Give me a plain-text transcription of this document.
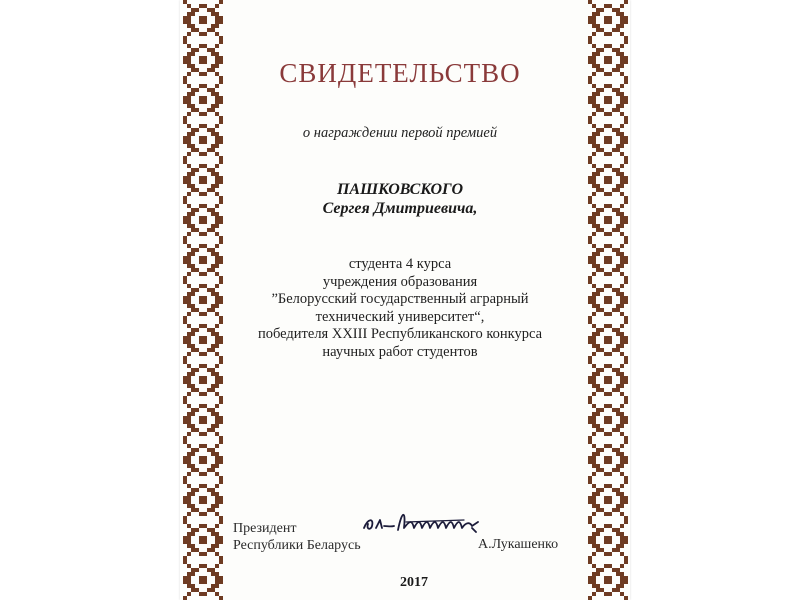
СВИДЕТЕЛЬСТВО
о награждении первой премией
ПАШКОВСКОГО
Сергея Дмитриевича,
студента 4 курса
учреждения образования
”Белорусский государственный аграрный
технический университет“,
победителя XXIII Республиканского конкурса
научных работ студентов
Президент
Республики Беларусь	А.Лукашенко
2017
